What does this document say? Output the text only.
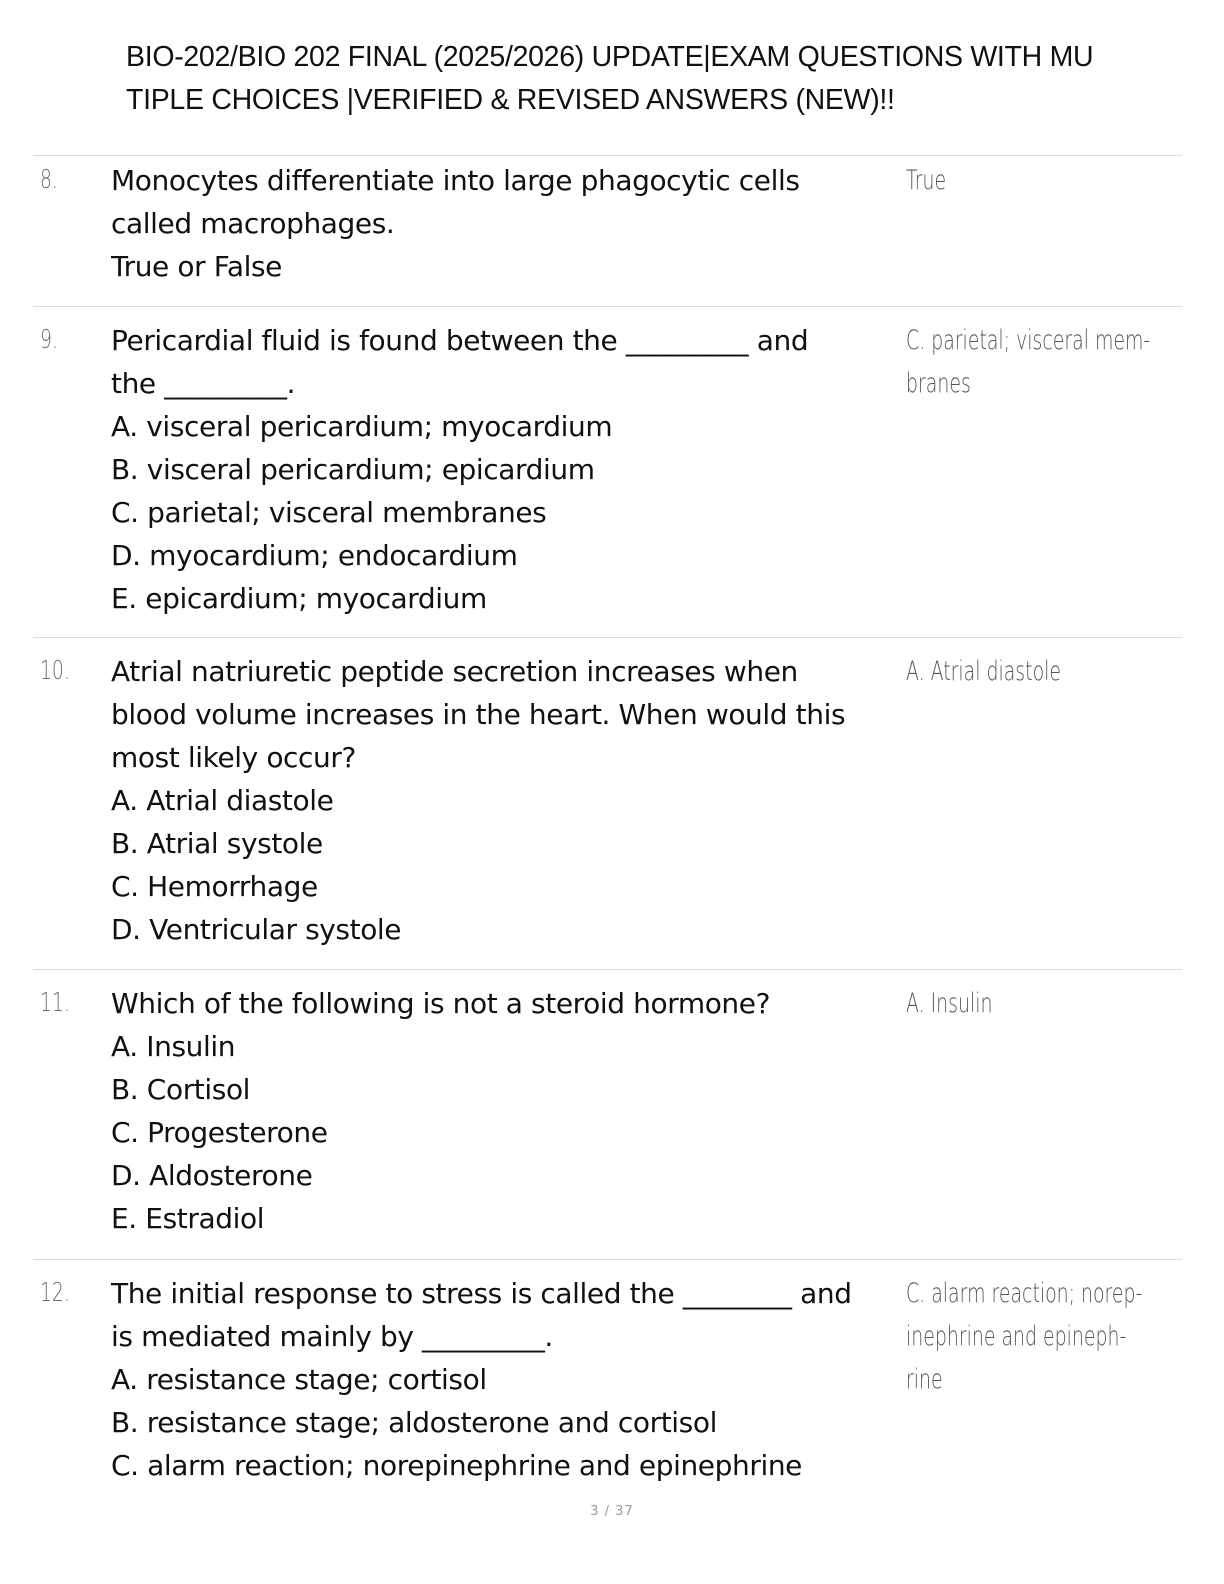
BIO-202/BIO 202 FINAL (2025/2026) UPDATE|EXAM QUESTIONS WITH MU
TIPLE CHOICES |VERIFIED & REVISED ANSWERS (NEW)!!
8. Monocytes differentiate into large phagocytic cells
called macrophages.
True or False
True
9. Pericardial fluid is found between the _________ and
the _________.
A. visceral pericardium; myocardium
B. visceral pericardium; epicardium
C. parietal; visceral membranes
D. myocardium; endocardium
E. epicardium; myocardium
C. parietal; visceral mem-
branes
10. Atrial natriuretic peptide secretion increases when
blood volume increases in the heart. When would this
most likely occur?
A. Atrial diastole
B. Atrial systole
C. Hemorrhage
D. Ventricular systole
A. Atrial diastole
11. Which of the following is not a steroid hormone?
A. Insulin
B. Cortisol
C. Progesterone
D. Aldosterone
E. Estradiol
A. Insulin
12. The initial response to stress is called the ________ and
is mediated mainly by _________.
A. resistance stage; cortisol
B. resistance stage; aldosterone and cortisol
C. alarm reaction; norepinephrine and epinephrine
C. alarm reaction; norep-
inephrine and epineph-
rine
3 / 37
